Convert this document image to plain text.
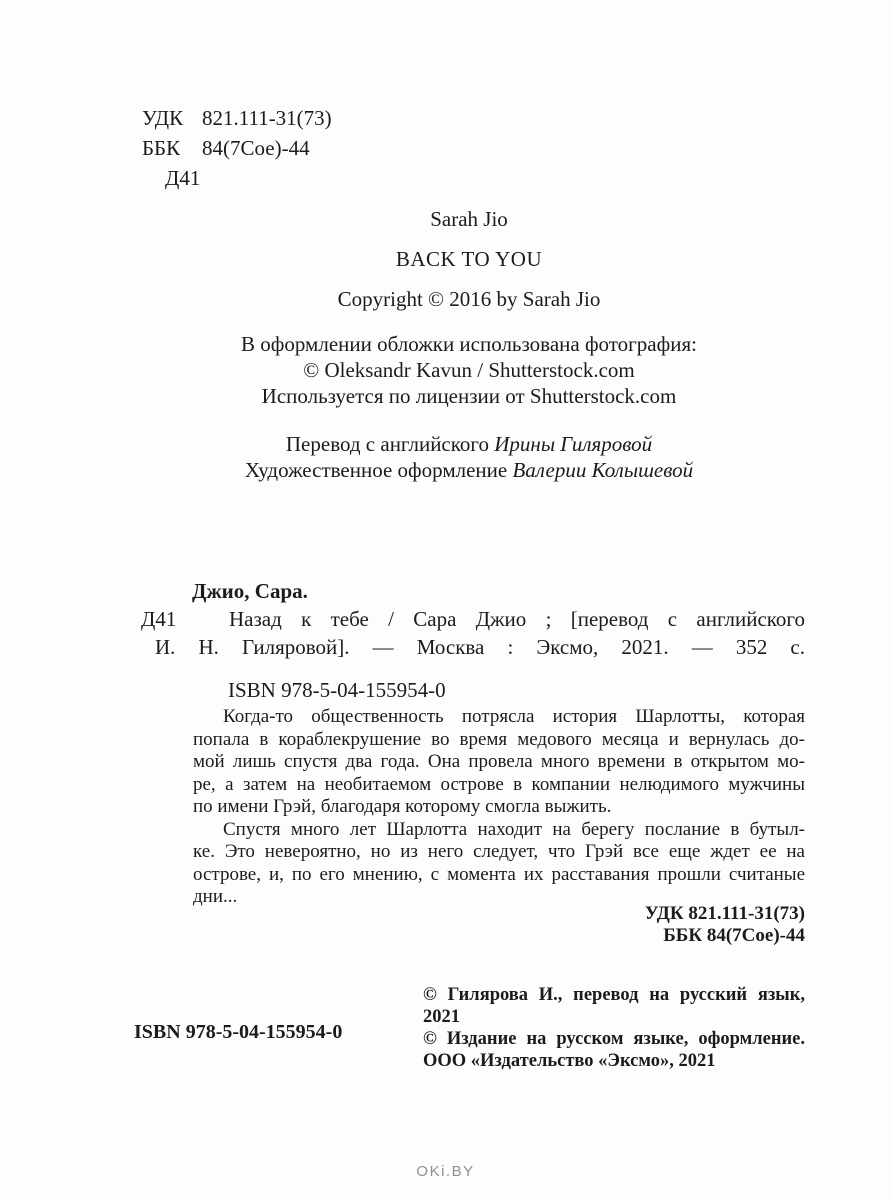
УДК 821.111-31(73)
ББК 84(7Сое)-44
Д41
Sarah Jio
BACK TO YOU
Copyright © 2016 by Sarah Jio
В оформлении обложки использована фотография:
© Oleksandr Kavun / Shutterstock.com
Используется по лицензии от Shutterstock.com
Перевод с английского Ирины Гиляровой
Художественное оформление Валерии Колышевой
Джио, Сара.
Д41	Назад к тебе / Сара Джио ; [перевод с английского
И. Н. Гиляровой]. — Москва : Эксмо, 2021. — 352 с.
ISBN 978-5-04-155954-0
Когда-то общественность потрясла история Шарлотты, которая
попала в кораблекрушение во время медового месяца и вернулась до-
мой лишь спустя два года. Она провела много времени в открытом мо-
ре, а затем на необитаемом острове в компании нелюдимого мужчины
по имени Грэй, благодаря которому смогла выжить.
Спустя много лет Шарлотта находит на берегу послание в бутыл-
ке. Это невероятно, но из него следует, что Грэй все еще ждет ее на
острове, и, по его мнению, с момента их расставания прошли считаные
дни...
УДК 821.111-31(73)
ББК 84(7Сое)-44
ISBN 978-5-04-155954-0
© Гилярова И., перевод на русский язык, 2021
© Издание на русском языке, оформление.
ООО «Издательство «Эксмо», 2021
OKi.BY
